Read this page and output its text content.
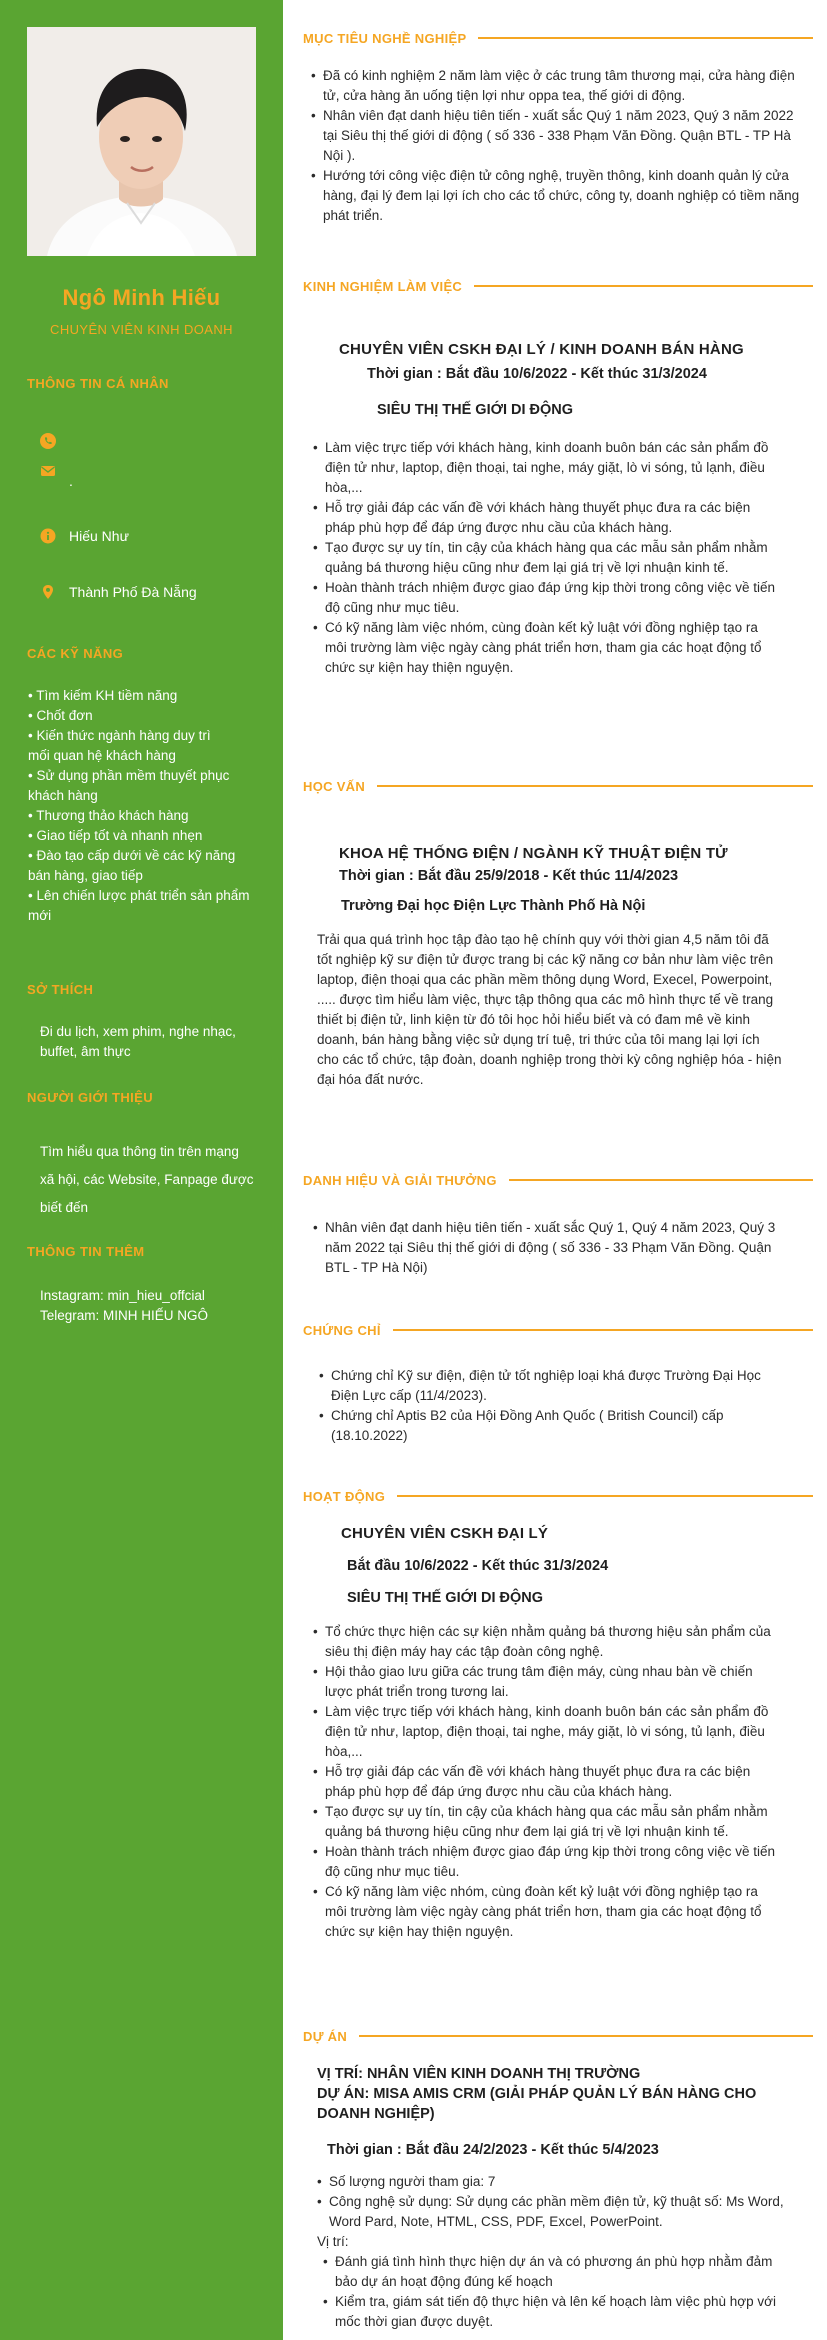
Ngô Minh Hiếu
CHUYÊN VIÊN KINH DOANH
THÔNG TIN CÁ NHÂN
.
Hiếu Như
Thành Phố Đà Nẵng
CÁC KỸ NĂNG
• Tìm kiếm KH tiềm năng
• Chốt đơn
• Kiến thức ngành hàng duy trì
mối quan hệ khách hàng
• Sử dụng phần mềm thuyết phục khách hàng
• Thương thảo khách hàng
• Giao tiếp tốt và nhanh nhẹn
• Đào tạo cấp dưới về các kỹ năng bán hàng, giao tiếp
• Lên chiến lược phát triển sản phẩm mới
SỞ THÍCH
Đi du lịch, xem phim, nghe nhạc, buffet, âm thực
NGƯỜI GIỚI THIỆU
Tìm hiểu qua thông tin trên mạng xã hội, các Website, Fanpage được biết đến
THÔNG TIN THÊM
Instagram: min_hieu_offcial
Telegram: MINH HIẾU NGÔ
MỤC TIÊU NGHỀ NGHIỆP
• Đã có kinh nghiệm 2 năm làm việc ở các trung tâm thương mại, cửa hàng điện tử, cửa hàng ăn uống tiện lợi như oppa tea, thế giới di động.
• Nhân viên đạt danh hiệu tiên tiến - xuất sắc Quý 1 năm 2023, Quý 3 năm 2022 tại Siêu thị thế giới di động ( số 336 - 338 Phạm Văn Đồng. Quận BTL - TP Hà Nội ).
• Hướng tới công việc điện tử công nghệ, truyền thông, kinh doanh quản lý cửa hàng, đại lý đem lại lợi ích cho các tổ chức, công ty, doanh nghiệp có tiềm năng phát triển.
KINH NGHIỆM LÀM VIỆC
CHUYÊN VIÊN CSKH ĐẠI LÝ / KINH DOANH BÁN HÀNG
Thời gian : Bắt đầu 10/6/2022 - Kết thúc 31/3/2024
SIÊU THỊ THẾ GIỚI DI ĐỘNG
• Làm việc trực tiếp với khách hàng, kinh doanh buôn bán các sản phẩm đồ điện tử như, laptop, điện thoại, tai nghe, máy giặt, lò vi sóng, tủ lạnh, điều hòa,...
• Hỗ trợ giải đáp các vấn đề với khách hàng thuyết phục đưa ra các biện pháp phù hợp để đáp ứng được nhu cầu của khách hàng.
• Tạo được sự uy tín, tin cậy của khách hàng qua các mẫu sản phẩm nhằm quảng bá thương hiệu cũng như đem lại giá trị về lợi nhuận kinh tế.
• Hoàn thành trách nhiệm được giao đáp ứng kịp thời trong công việc về tiến độ cũng như mục tiêu.
• Có kỹ năng làm việc nhóm, cùng đoàn kết kỷ luật với đồng nghiệp tạo ra môi trường làm việc ngày càng phát triển hơn, tham gia các hoạt động tổ chức sự kiện hay thiện nguyện.
HỌC VẤN
KHOA HỆ THỐNG ĐIỆN / NGÀNH KỸ THUẬT ĐIỆN TỬ
Thời gian : Bắt đầu 25/9/2018 - Kết thúc 11/4/2023
Trường Đại học Điện Lực Thành Phố Hà Nội

Trải qua quá trình học tập đào tạo hệ chính quy với thời gian 4,5 năm tôi đã tốt nghiệp kỹ sư điện tử được trang bị các kỹ năng cơ bản như làm việc trên laptop, điện thoại qua các phần mềm thông dụng Word, Execel, Powerpoint, ..... được tìm hiểu làm việc, thực tập thông qua các mô hình thực tế về trang thiết bị điện tử, linh kiện từ đó tôi học hỏi hiểu biết và có đam mê về kinh doanh, bán hàng bằng việc sử dụng trí tuệ, tri thức của tôi mang lại lợi ích cho các tổ chức, tập đoàn, doanh nghiệp trong thời kỳ công nghiệp hóa - hiện đại hóa đất nước.

DANH HIỆU VÀ GIẢI THƯỞNG
• Nhân viên đạt danh hiệu tiên tiến - xuất sắc Quý 1, Quý 4 năm 2023, Quý 3 năm 2022 tại Siêu thị thế giới di động ( số 336 - 33 Phạm Văn Đồng. Quận BTL - TP Hà Nội)
CHỨNG CHỈ
• Chứng chỉ Kỹ sư điện, điện tử tốt nghiệp loại khá được Trường Đại Học Điện Lực cấp (11/4/2023).
• Chứng chỉ Aptis B2 của Hội Đồng Anh Quốc ( British Council) cấp (18.10.2022)
HOẠT ĐỘNG
CHUYÊN VIÊN CSKH ĐẠI LÝ
Bắt đầu 10/6/2022 - Kết thúc 31/3/2024
SIÊU THỊ THẾ GIỚI DI ĐỘNG
• Tổ chức thực hiện các sự kiện nhằm quảng bá thương hiệu sản phẩm của siêu thị điện máy hay các tập đoàn công nghệ.
• Hội thảo giao lưu giữa các trung tâm điện máy, cùng nhau bàn về chiến lược phát triển trong tương lai.
• Làm việc trực tiếp với khách hàng, kinh doanh buôn bán các sản phẩm đồ điện tử như, laptop, điện thoại, tai nghe, máy giặt, lò vi sóng, tủ lạnh, điều hòa,...
• Hỗ trợ giải đáp các vấn đề với khách hàng thuyết phục đưa ra các biện pháp phù hợp để đáp ứng được nhu cầu của khách hàng.
• Tạo được sự uy tín, tin cậy của khách hàng qua các mẫu sản phẩm nhằm quảng bá thương hiệu cũng như đem lại giá trị về lợi nhuận kinh tế.
• Hoàn thành trách nhiệm được giao đáp ứng kịp thời trong công việc về tiến độ cũng như mục tiêu.
• Có kỹ năng làm việc nhóm, cùng đoàn kết kỷ luật với đồng nghiệp tạo ra môi trường làm việc ngày càng phát triển hơn, tham gia các hoạt động tổ chức sự kiện hay thiện nguyện.
DỰ ÁN
VỊ TRÍ: NHÂN VIÊN KINH DOANH THỊ TRƯỜNG
DỰ ÁN: MISA AMIS CRM (GIẢI PHÁP QUẢN LÝ BÁN HÀNG CHO DOANH NGHIỆP)
Thời gian : Bắt đầu 24/2/2023 - Kết thúc 5/4/2023
• Số lượng người tham gia: 7
• Công nghệ sử dụng: Sử dụng các phần mềm điện tử, kỹ thuật số: Ms Word, Word Pard, Note, HTML, CSS, PDF, Excel, PowerPoint.
Vị trí:
• Đánh giá tình hình thực hiện dự án và có phương án phù hợp nhằm đảm bảo dự án hoạt động đúng kế hoạch
• Kiểm tra, giám sát tiến độ thực hiện và lên kế hoạch làm việc phù hợp với mốc thời gian được duyệt.
